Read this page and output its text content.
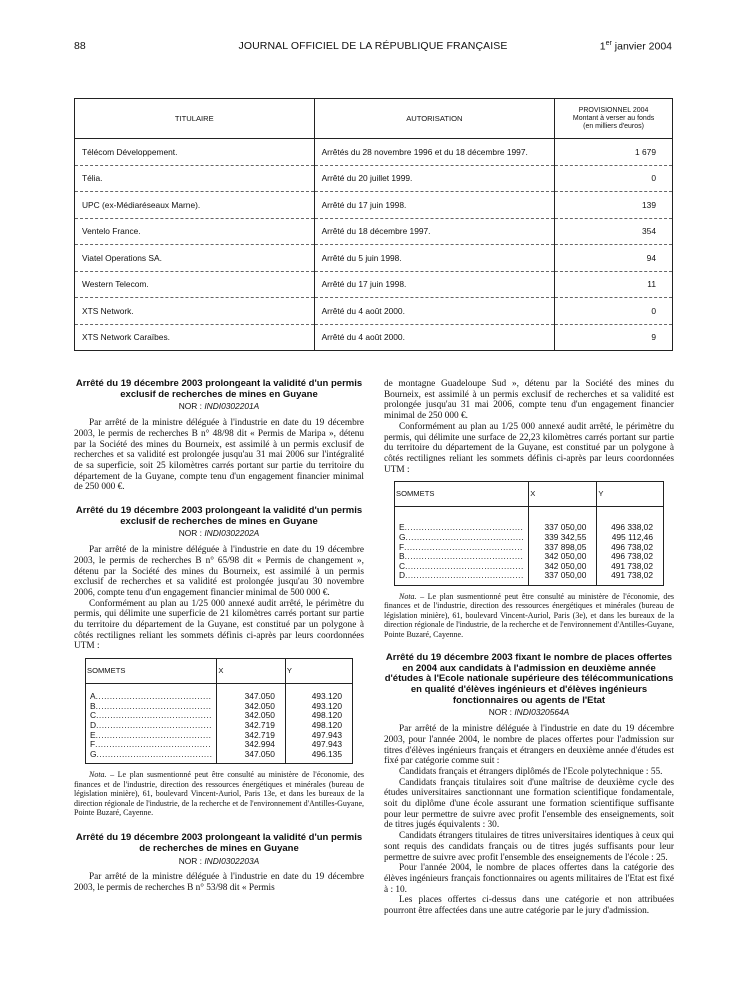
88	JOURNAL OFFICIEL DE LA RÉPUBLIQUE FRANÇAISE	1er janvier 2004
TITULAIRE	AUTORISATION	PROVISIONNEL 2004
Montant à verser au fonds
(en milliers d'euros)

Télécom Développement.	Arrêtés du 28 novembre 1996 et du 18 décembre 1997.	1 679
Télia.	Arrêté du 20 juillet 1999.	0
UPC (ex-Médiaréseaux Marne).	Arrêté du 17 juin 1998.	139
Ventelo France.	Arrêté du 18 décembre 1997.	354
Viatel Operations SA.	Arrêté du 5 juin 1998.	94
Western Telecom.	Arrêté du 17 juin 1998.	11
XTS Network.	Arrêté du 4 août 2000.	0
XTS Network Caraïbes.	Arrêté du 4 août 2000.	9
Arrêté du 19 décembre 2003 prolongeant la validité d'un permis exclusif de recherches de mines en Guyane

NOR : INDI0302201A

Par arrêté de la ministre déléguée à l'industrie en date du 19 décembre 2003, le permis de recherches B n° 48/98 dit « Permis de Maripa », détenu par la Société des mines du Bourneix, est assimilé à un permis exclusif de recherches et sa validité est prolongée jusqu'au 31 mai 2006 sur l'intégralité de sa superficie, soit 25 kilomètres carrés portant sur partie du territoire du département de la Guyane, compte tenu d'un engagement financier minimal de 250 000 €.

Arrêté du 19 décembre 2003 prolongeant la validité d'un permis exclusif de recherches de mines en Guyane

NOR : INDI0302202A

Par arrêté de la ministre déléguée à l'industrie en date du 19 décembre 2003, le permis de recherches B n° 65/98 dit « Permis de changement », détenu par la Société des mines du Bourneix, est assimilé à un permis exclusif de recherches et sa validité est prolongée jusqu'au 30 novembre 2006, compte tenu d'un engagement financier minimal de 500 000 €.

Conformément au plan au 1/25 000 annexé audit arrêté, le périmètre du permis, qui délimite une superficie de 21 kilomètres carrés portant sur partie du territoire du département de la Guyane, est constitué par un polygone à côtés rectilignes reliant les sommets définis ci-après par leurs coordonnées UTM :

SOMMETS	X	Y
A.........................................	347.050	493.120
B.........................................	342.050	493.120
C.........................................	342.050	498.120
D.........................................	342.719	498.120
E.........................................	342.719	497.943
F.........................................	342.994	497.943
G.........................................	347.050	496.135

Nota. – Le plan susmentionné peut être consulté au ministère de l'économie, des finances et de l'industrie, direction des ressources énergétiques et minérales (bureau de législation minière), 61, boulevard Vincent-Auriol, Paris 13e, et dans les bureaux de la direction régionale de l'industrie, de la recherche et de l'environnement d'Antilles-Guyane, Pointe Buzaré, Cayenne.

Arrêté du 19 décembre 2003 prolongeant la validité d'un permis de recherches de mines en Guyane

NOR : INDI0302203A

Par arrêté de la ministre déléguée à l'industrie en date du 19 décembre 2003, le permis de recherches B n° 53/98 dit « Permis

de montagne Guadeloupe Sud », détenu par la Société des mines du Bourneix, est assimilé à un permis exclusif de recherches et sa validité est prolongée jusqu'au 31 mai 2006, compte tenu d'un engagement financier minimal de 250 000 €.

Conformément au plan au 1/25 000 annexé audit arrêté, le périmètre du permis, qui délimite une surface de 22,23 kilomètres carrés portant sur partie du territoire du département de la Guyane, est constitué par un polygone à côtés rectilignes reliant les sommets définis ci-après par leurs coordonnées UTM :

SOMMETS	X	Y
E..........................................	337 050,00	496 338,02
G..........................................	339 342,55	495 112,46
F..........................................	337 898,05	496 738,02
B..........................................	342 050,00	496 738,02
C..........................................	342 050,00	491 738,02
D..........................................	337 050,00	491 738,02

Nota. – Le plan susmentionné peut être consulté au ministère de l'économie, des finances et de l'industrie, direction des ressources énergétiques et minérales (bureau de législation minière), 61, boulevard Vincent-Auriol, Paris (3e), et dans les bureaux de la direction régionale de l'industrie, de la recherche et de l'environnement d'Antilles-Guyane, Pointe Buzaré, Cayenne.

Arrêté du 19 décembre 2003 fixant le nombre de places offertes en 2004 aux candidats à l'admission en deuxième année d'études à l'Ecole nationale supérieure des télécommunications en qualité d'élèves ingénieurs et d'élèves ingénieurs fonctionnaires ou agents de l'Etat

NOR : INDI0320564A

Par arrêté de la ministre déléguée à l'industrie en date du 19 décembre 2003, pour l'année 2004, le nombre de places offertes pour l'admission sur titres d'élèves ingénieurs français et étrangers en deuxième année d'études est fixé par catégorie comme suit :

Candidats français et étrangers diplômés de l'Ecole polytechnique : 55.

Candidats français titulaires soit d'une maîtrise de deuxième cycle des études universitaires sanctionnant une formation scientifique fondamentale, soit du diplôme d'une école assurant une formation scientifique suffisante pour leur permettre de suivre avec profit l'ensemble des enseignements, soit de titres jugés équivalents : 30.

Candidats étrangers titulaires de titres universitaires identiques à ceux qui sont requis des candidats français ou de titres jugés suffisants pour leur permettre de suivre avec profit l'ensemble des enseignements de l'école : 25.

Pour l'année 2004, le nombre de places offertes dans la catégorie des élèves ingénieurs français fonctionnaires ou agents militaires de l'Etat est fixé à : 10.

Les places offertes ci-dessus dans une catégorie et non attribuées pourront être affectées dans une autre catégorie par le jury d'admission.
